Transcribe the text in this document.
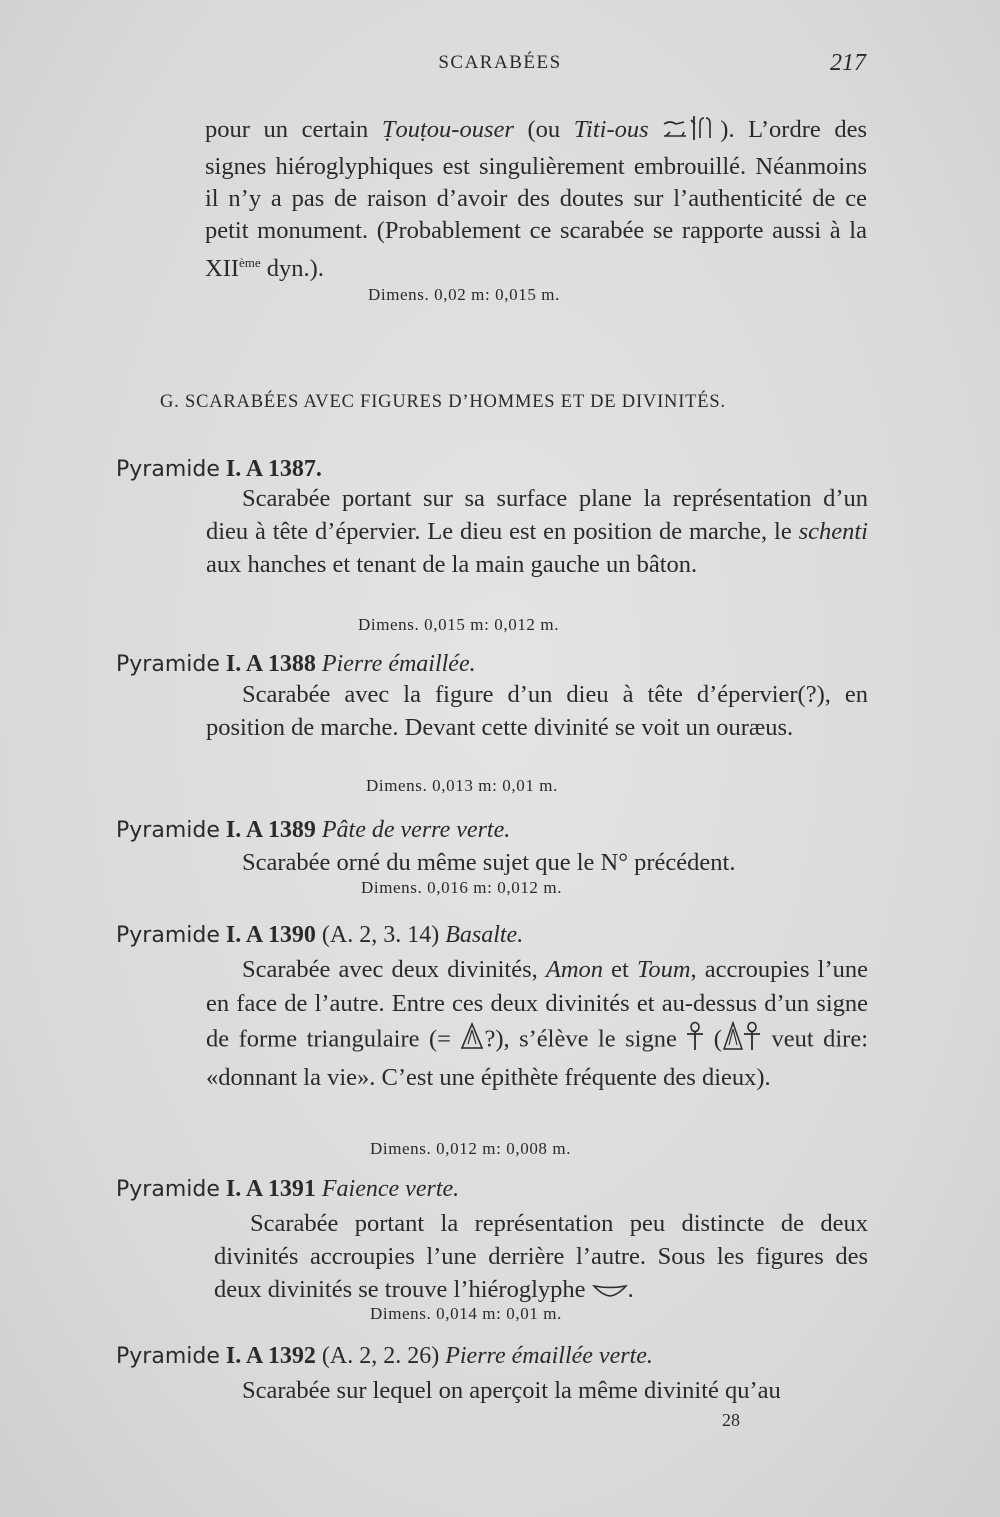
SCARABÉES	217
pour un certain Ṭouṭou-ouser (ou Titi-ous	). L’ordre des signes hiéroglyphiques est singulièrement embrouillé. Néanmoins il n’y a pas de raison d’avoir des doutes sur l’authenticité de ce petit monument. (Probablement ce scarabée se rapporte aussi à la XIIème dyn.).
Dimens. 0,02 m: 0,015 m.
G. SCARABÉES AVEC FIGURES D’HOMMES ET DE DIVINITÉS.
Pyramide I. A 1387.
Scarabée portant sur sa surface plane la représentation d’un dieu à tête d’épervier. Le dieu est en position de marche, le schenti aux hanches et tenant de la main gauche un bâton.
Dimens. 0,015 m: 0,012 m.
Pyramide I. A 1388 Pierre émaillée.
Scarabée avec la figure d’un dieu à tête d’épervier(?), en position de marche. Devant cette divinité se voit un ouræus.
Dimens. 0,013 m: 0,01 m.
Pyramide I. A 1389 Pâte de verre verte.
Scarabée orné du même sujet que le N° précédent.
Dimens. 0,016 m: 0,012 m.
Pyramide I. A 1390 (A. 2, 3. 14) Basalte.
Scarabée avec deux divinités, Amon et Toum, accroupies l’une en face de l’autre. Entre ces deux divinités et au-dessus d’un signe de forme triangulaire (= ?), s’élève le signe ( veut dire: «donnant la vie». C’est une épithète fréquente des dieux).
Dimens. 0,012 m: 0,008 m.
Pyramide I. A 1391 Faience verte.
Scarabée portant la représentation peu distincte de deux divinités accroupies l’une derrière l’autre. Sous les figures des deux divinités se trouve l’hiéroglyphe .
Dimens. 0,014 m: 0,01 m.
Pyramide I. A 1392 (A. 2, 2. 26) Pierre émaillée verte.
Scarabée sur lequel on aperçoit la même divinité qu’au
28
